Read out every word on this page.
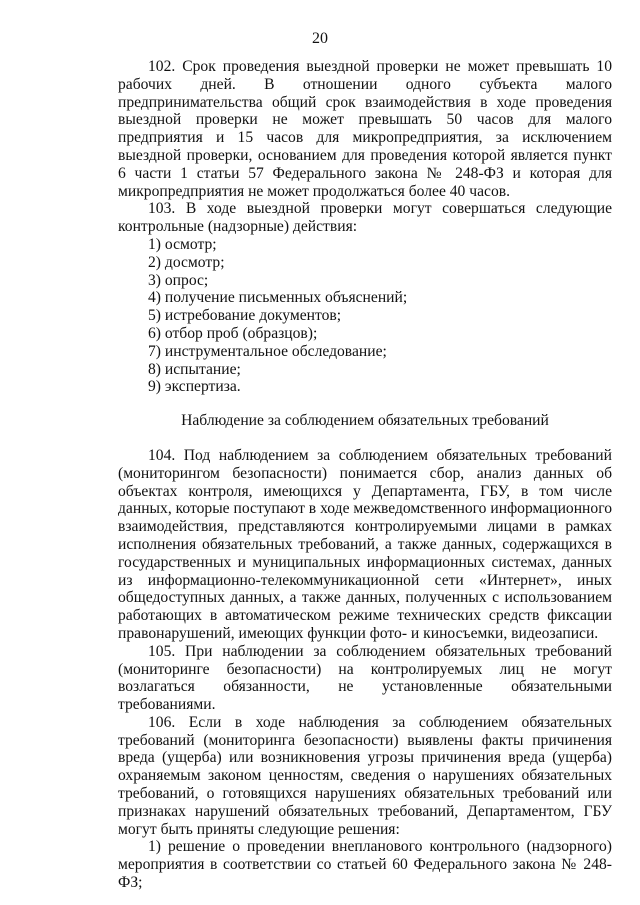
20

102. Срок проведения выездной проверки не может превышать 10 рабочих дней. В отношении одного субъекта малого предпринимательства общий срок взаимодействия в ходе проведения выездной проверки не может превышать 50 часов для малого предприятия и 15 часов для микропредприятия, за исключением выездной проверки, основанием для проведения которой является пункт 6 части 1 статьи 57 Федерального закона № 248-ФЗ и которая для микропредприятия не может продолжаться более 40 часов.

103. В ходе выездной проверки могут совершаться следующие контрольные (надзорные) действия:

1) осмотр;

2) досмотр;

3) опрос;

4) получение письменных объяснений;

5) истребование документов;

6) отбор проб (образцов);

7) инструментальное обследование;

8) испытание;

9) экспертиза.

Наблюдение за соблюдением обязательных требований

104. Под наблюдением за соблюдением обязательных требований (мониторингом безопасности) понимается сбор, анализ данных об объектах контроля, имеющихся у Департамента, ГБУ, в том числе данных, которые поступают в ходе межведомственного информационного взаимодействия, представляются контролируемыми лицами в рамках исполнения обязательных требований, а также данных, содержащихся в государственных и муниципальных информационных системах, данных из информационно-телекоммуникационной сети «Интернет», иных общедоступных данных, а также данных, полученных с использованием работающих в автоматическом режиме технических средств фиксации правонарушений, имеющих функции фото- и киносъемки, видеозаписи.

105. При наблюдении за соблюдением обязательных требований (мониторинге безопасности) на контролируемых лиц не могут возлагаться обязанности, не установленные обязательными требованиями.

106. Если в ходе наблюдения за соблюдением обязательных требований (мониторинга безопасности) выявлены факты причинения вреда (ущерба) или возникновения угрозы причинения вреда (ущерба) охраняемым законом ценностям, сведения о нарушениях обязательных требований, о готовящихся нарушениях обязательных требований или признаках нарушений обязательных требований, Департаментом, ГБУ могут быть приняты следующие решения:

1) решение о проведении внепланового контрольного (надзорного) мероприятия в соответствии со статьей 60 Федерального закона № 248-ФЗ;
